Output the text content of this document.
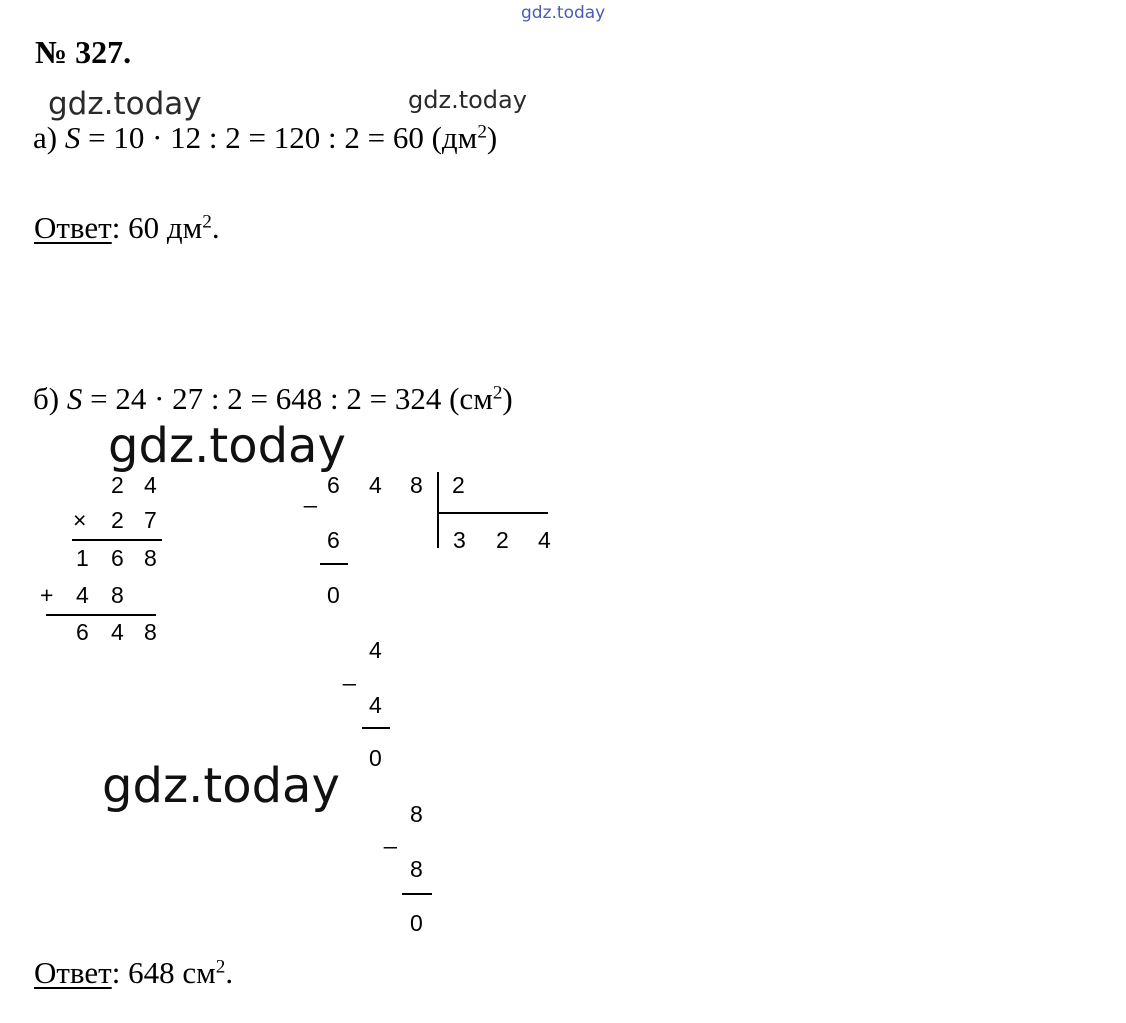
gdz.today
gdz.today	gdz.today
gdz.today
gdz.today
№ 327.
а) S = 10 · 12 : 2 = 120 : 2 = 60 $(дм^2)$
Ответ: 60 $дм^2$.
б) S = 24 · 27 : 2 = 648 : 2 = 324 $(см^2)$
2 4
× 2 7
1 6 8
+ 4 8
6 4 8
_ 6 4 8 2
3 2 4
6
0
_
4
4
0
_
8
8
0
Ответ: 648 $см^2$.
